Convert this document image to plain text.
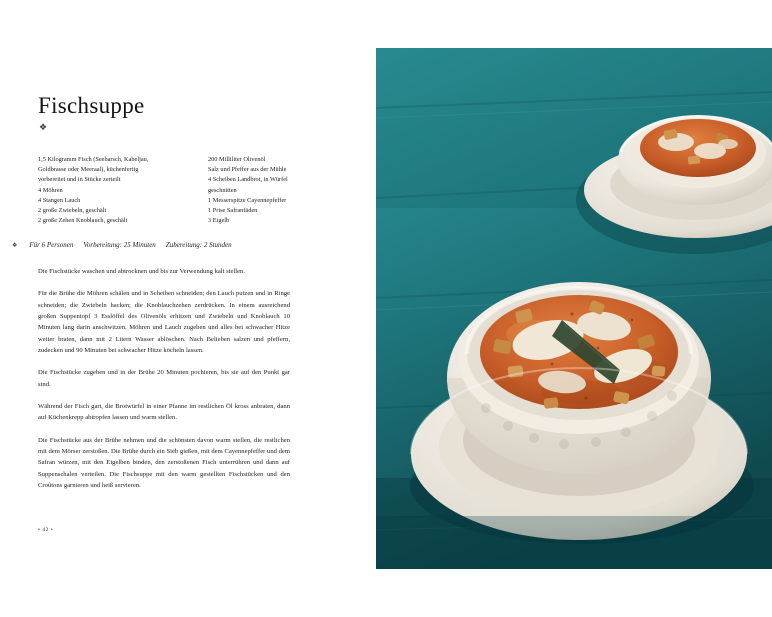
Fischsuppe
❖

1,5 Kilogramm Fisch (Seebarsch, Kabeljau,

Goldbrasse oder Meeraal), küchenfertig

vorbereitet und in Stücke zerteilt

4 Möhren

4 Stangen Lauch

2 große Zwiebeln, geschält

2 große Zehen Knoblauch, geschält

200 Milliliter Olivenöl

Salz und Pfeffer aus der Mühle

4 Scheiben Landbrot, in Würfel

geschnitten

1 Messerspitze Cayennepfeffer

1 Prise Safranfäden

3 Eigelb

❖ Für 6 Personen Vorbereitung: 25 Minuten Zubereitung: 2 Stunden

Die Fischstücke waschen und abtrocknen und bis zur Verwendung kalt stellen.

Für die Brühe die Möhren schälen und in Scheiben schneiden; den Lauch putzen und in Ringe schneiden; die Zwiebeln hacken; die Knoblauchzehen zerdrücken. In einem ausreichend großen Suppentopf 3 Esslöffel des Olivenöls erhitzen und Zwiebeln und Knoblauch 10 Minuten lang darin anschwitzen. Möhren und Lauch zugeben und alles bei schwacher Hitze weiter braten, dann mit 2 Litern Wasser ablöschen. Nach Belieben salzen und pfeffern, zudecken und 90 Minuten bei schwacher Hitze köcheln lassen.

Die Fischstücke zugeben und in der Brühe 20 Minuten pochieren, bis sie auf den Punkt gar sind.

Während der Fisch gart, die Brotwürfel in einer Pfanne im restlichen Öl kross anbraten, dann auf Küchenkrepp abtropfen lassen und warm stellen.

Die Fischstücke aus der Brühe nehmen und die schönsten davon warm stellen, die restlichen mit dem Mörser zerstoßen. Die Brühe durch ein Sieb gießen, mit dem Cayennepfeffer und dem Safran würzen, mit den Eigelben binden, den zerstoßenen Fisch unterrühren und dann auf Suppenschalen verteilen. Die Fischsuppe mit den warm gestellten Fischstücken und den Croûtons garnieren und heiß servieren.

• 42 •
